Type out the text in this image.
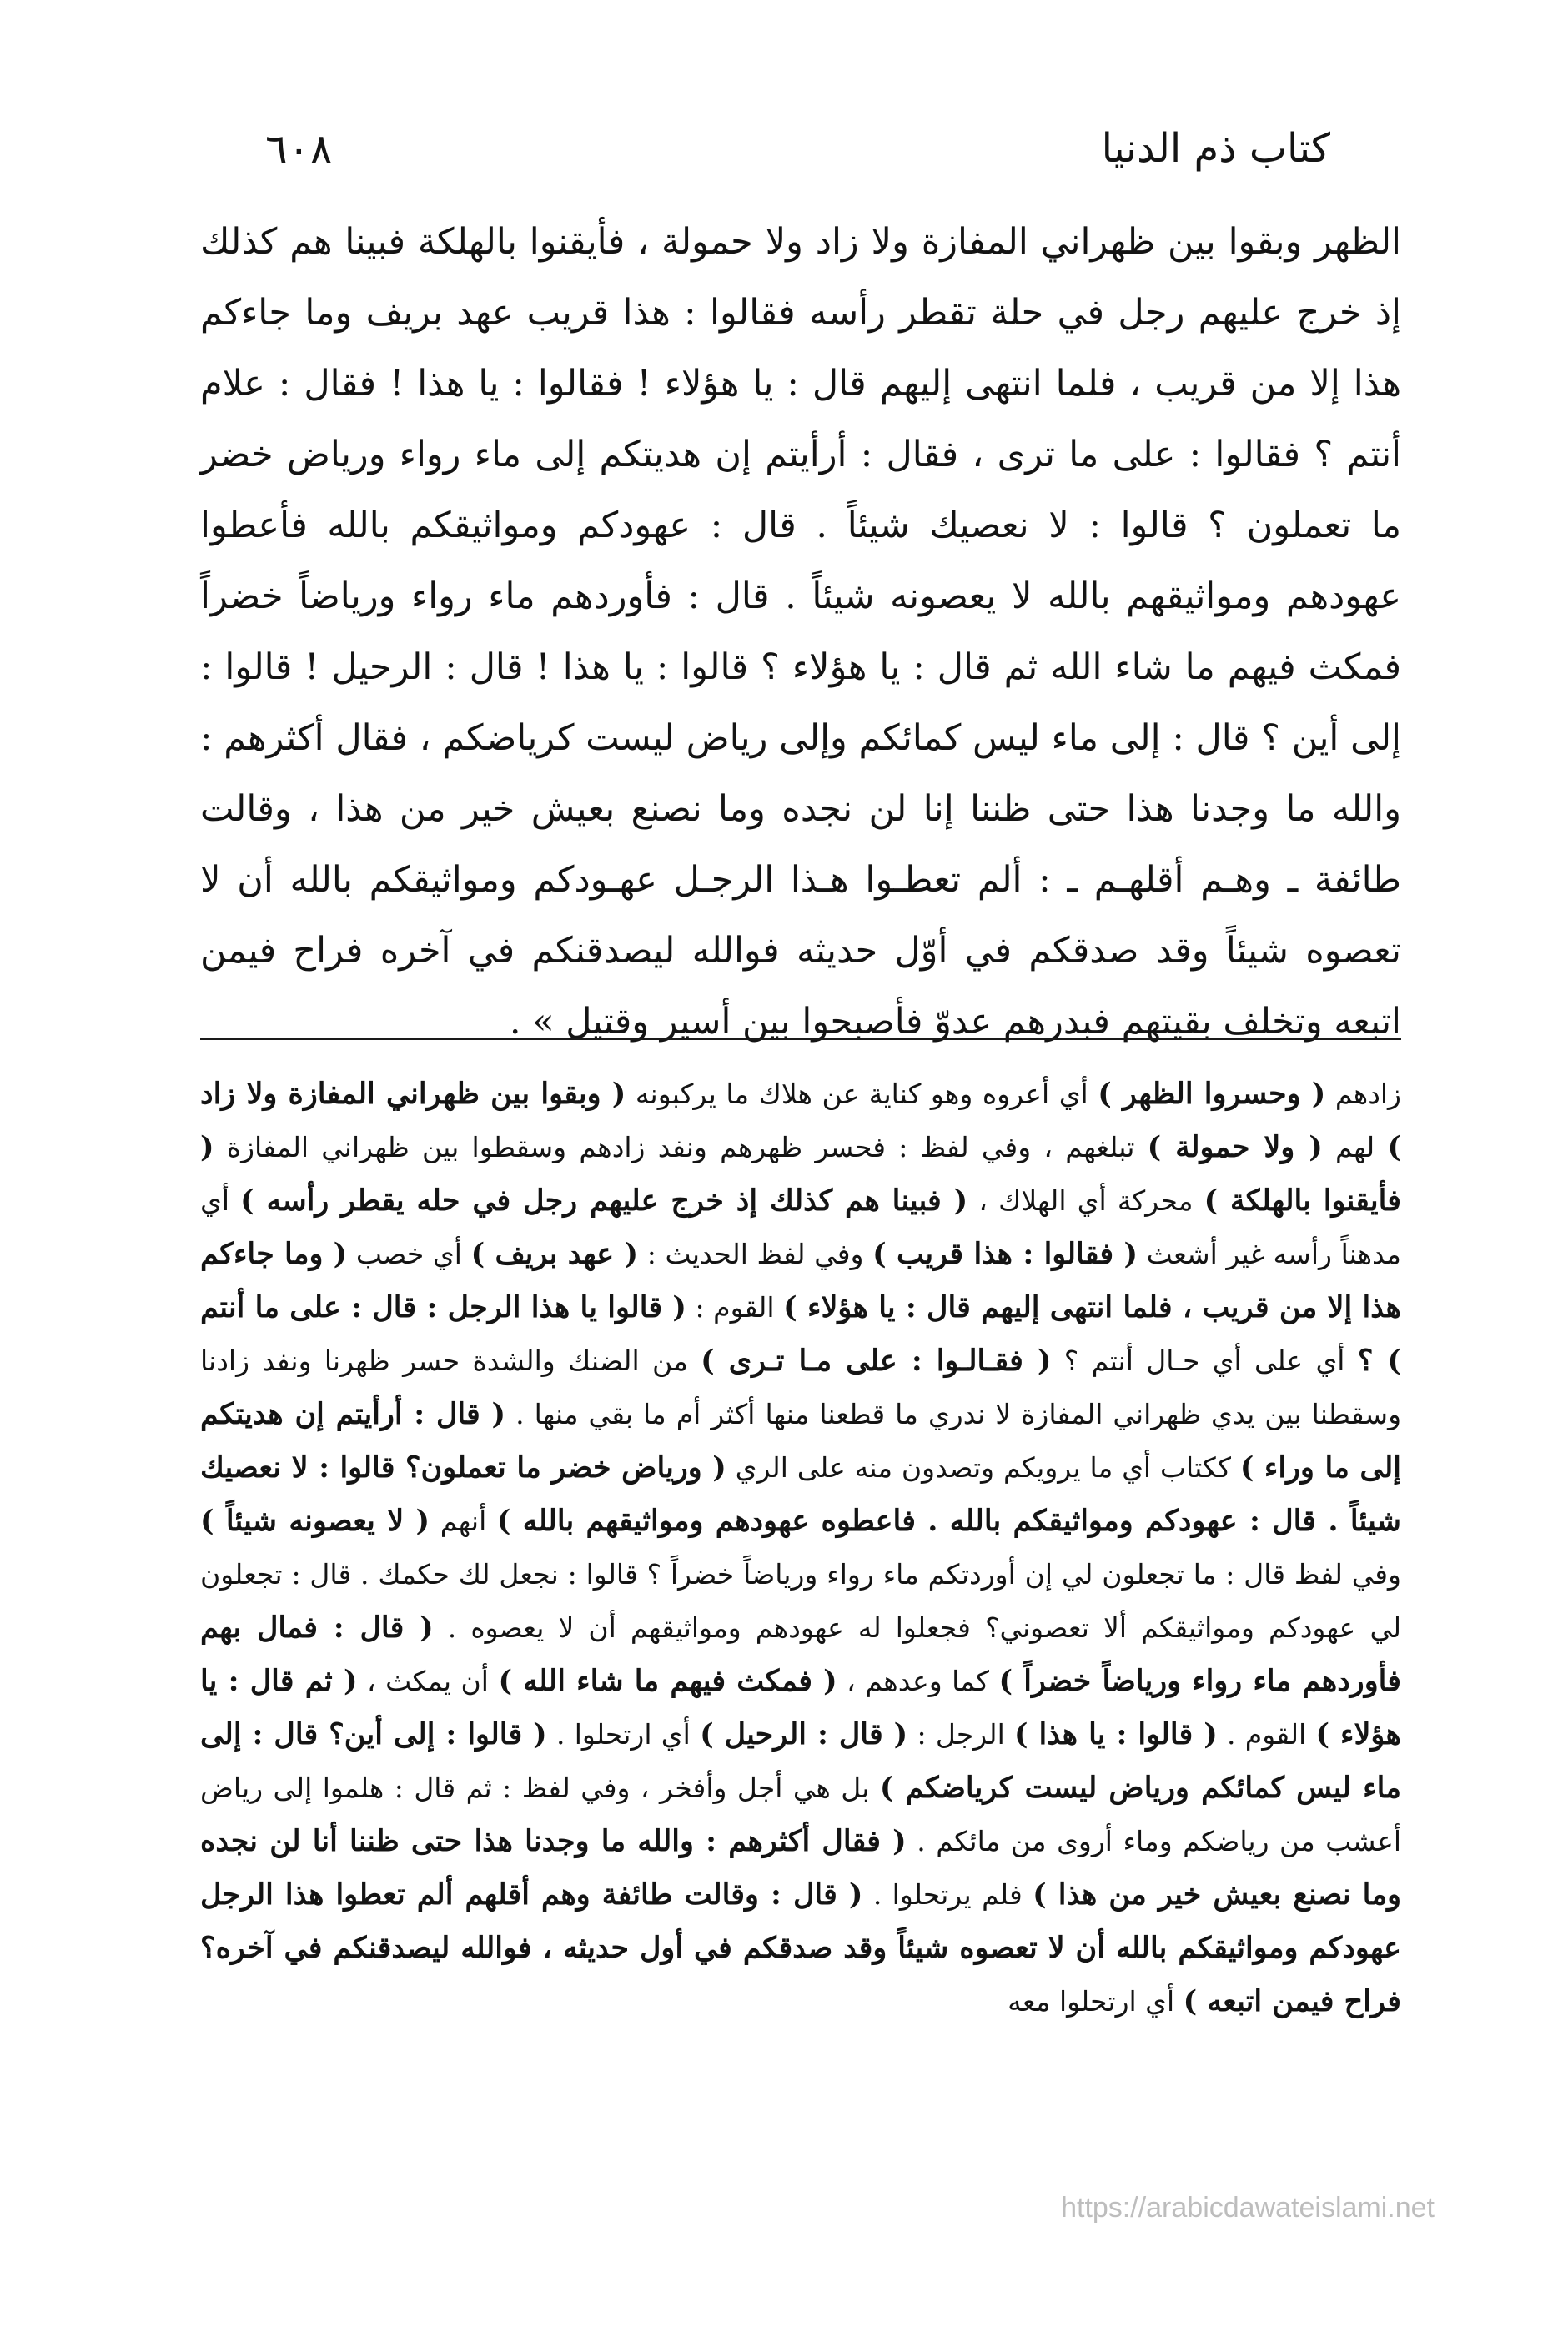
٦٠٨	كتاب ذم الدنيا
الظهر وبقوا بين ظهراني المفازة ولا زاد ولا حمولة ، فأيقنوا بالهلكة فبينا هم كذلك إذ خرج عليهم رجل في حلة تقطر رأسه فقالوا : هذا قريب عهد بريف وما جاءكم هذا إلا من قريب ، فلما انتهى إليهم قال : يا هؤلاء ! فقالوا : يا هذا ! فقال : علام أنتم ؟ فقالوا : على ما ترى ، فقال : أرأيتم إن هديتكم إلى ماء رواء ورياض خضر ما تعملون ؟ قالوا : لا نعصيك شيئاً . قال : عهودكم ومواثيقكم بالله فأعطوا عهودهم ومواثيقهم بالله لا يعصونه شيئاً . قال : فأوردهم ماء رواء ورياضاً خضراً فمكث فيهم ما شاء الله ثم قال : يا هؤلاء ؟ قالوا : يا هذا ! قال : الرحيل ! قالوا : إلى أين ؟ قال : إلى ماء ليس كمائكم وإلى رياض ليست كرياضكم ، فقال أكثرهم : والله ما وجدنا هذا حتى ظننا إنا لن نجده وما نصنع بعيش خير من هذا ، وقالت طائفة ـ وهـم أقلهـم ـ : ألم تعطـوا هـذا الرجـل عهـودكم ومواثيقكم بالله أن لا تعصوه شيئاً وقد صدقكم في أوّل حديثه فوالله ليصدقنكم في آخره فراح فيمن اتبعه وتخلف بقيتهم فبدرهم عدوّ فأصبحوا بين أسير وقتيل » .
زادهم ( وحسروا الظهر ) أي أعروه وهو كناية عن هلاك ما يركبونه ( وبقوا بين ظهراني المفازة ولا زاد ) لهم ( ولا حمولة ) تبلغهم ، وفي لفظ : فحسر ظهرهم ونفد زادهم وسقطوا بين ظهراني المفازة ( فأيقنوا بالهلكة ) محركة أي الهلاك ، ( فبينا هم كذلك إذ خرج عليهم رجل في حله يقطر رأسه ) أي مدهناً رأسه غير أشعث ( فقالوا : هذا قريب ) وفي لفظ الحديث : ( عهد بريف ) أي خصب ( وما جاءكم هذا إلا من قريب ، فلما انتهى إليهم قال : يا هؤلاء ) القوم : ( قالوا يا هذا الرجل : قال : على ما أنتم ) ؟ أي على أي حـال أنتم ؟ ( فقـالـوا : على مـا تـرى ) من الضنك والشدة حسر ظهرنا ونفد زادنا وسقطنا بين يدي ظهراني المفازة لا ندري ما قطعنا منها أكثر أم ما بقي منها . ( قال : أرأيتم إن هديتكم إلى ما وراء ) ككتاب أي ما يرويكم وتصدون منه على الري ( ورياض خضر ما تعملون؟ قالوا : لا نعصيك شيئاً . قال : عهودكم ومواثيقكم بالله . فاعطوه عهودهم ومواثيقهم بالله ) أنهم ( لا يعصونه شيئاً ) وفي لفظ قال : ما تجعلون لي إن أوردتكم ماء رواء ورياضاً خضراً ؟ قالوا : نجعل لك حكمك . قال : تجعلون لي عهودكم ومواثيقكم ألا تعصوني؟ فجعلوا له عهودهم ومواثيقهم أن لا يعصوه . ( قال : فمال بهم فأوردهم ماء رواء ورياضاً خضراً ) كما وعدهم ، ( فمكث فيهم ما شاء الله ) أن يمكث ، ( ثم قال : يا هؤلاء ) القوم . ( قالوا : يا هذا ) الرجل : ( قال : الرحيل ) أي ارتحلوا . ( قالوا : إلى أين؟ قال : إلى ماء ليس كمائكم ورياض ليست كرياضكم ) بل هي أجل وأفخر ، وفي لفظ : ثم قال : هلموا إلى رياض أعشب من رياضكم وماء أروى من مائكم . ( فقال أكثرهم : والله ما وجدنا هذا حتى ظننا أنا لن نجده وما نصنع بعيش خير من هذا ) فلم يرتحلوا . ( قال : وقالت طائفة وهم أقلهم ألم تعطوا هذا الرجل عهودكم ومواثيقكم بالله أن لا تعصوه شيئاً وقد صدقكم في أول حديثه ، فوالله ليصدقنكم في آخره؟ فراح فيمن اتبعه ) أي ارتحلوا معه
https://arabicdawateislami.net
